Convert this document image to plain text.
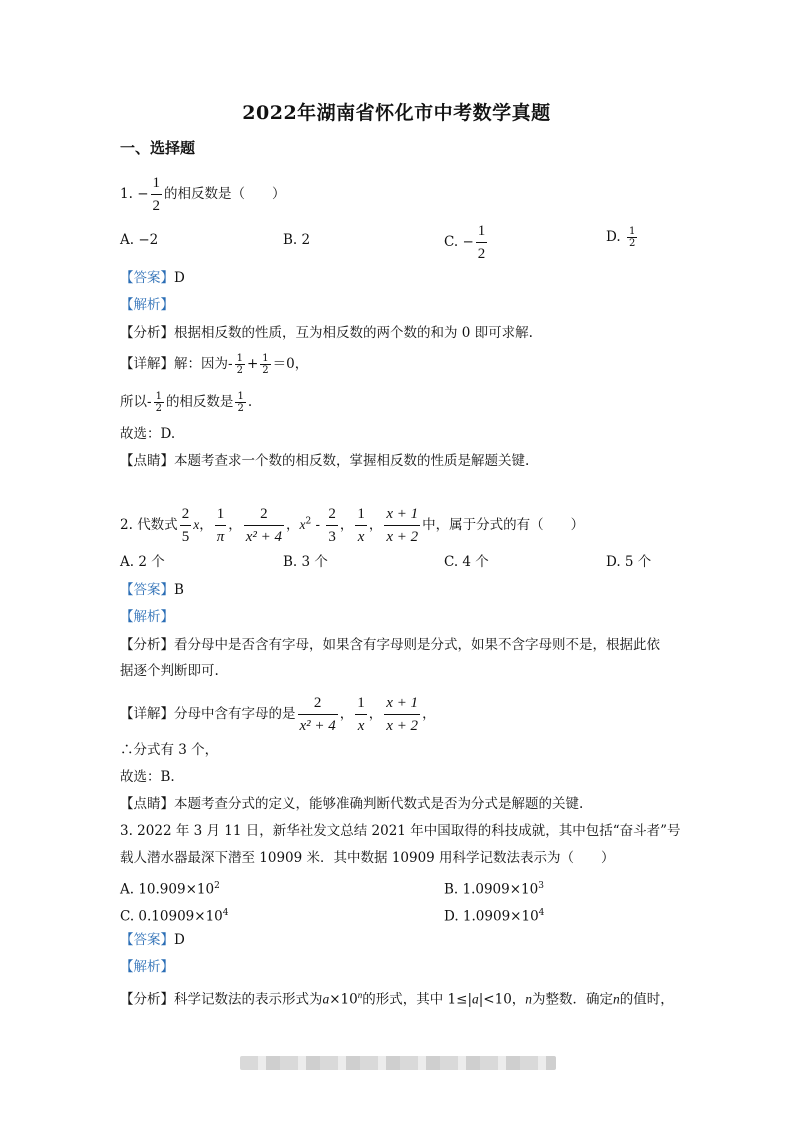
2022年湖南省怀化市中考数学真题
一、选择题
1. − $\frac{1}{2}$ 的相反数是（　　）
A. −2	B. 2	C. − $\frac{1}{2}$	D. $\frac{1}{2}$
【答案】D
【解析】
【分析】根据相反数的性质，互为相反数的两个数的和为 0 即可求解.
【详解】解：因为- $\frac{1}{2} + \frac{1}{2} =0$，
所以- $\frac{1}{2}$ 的相反数是 $\frac{1}{2}$ .
故选：D.
【点睛】本题考查求一个数的相反数，掌握相反数的性质是解题关键.
2. 代数式 $\frac{2}{5}$ x， $\frac{1}{\pi}$ ， $\frac{2}{\text{x² + 4}}$ ，$x^2 - \frac{2}{3}$ ， $\frac{1}{x}$ ， $\frac{x + 1}{x + 2}$ 中，属于分式的有（　　）
A. 2 个	B. 3 个	C. 4 个	D. 5 个
【答案】B
【解析】
【分析】看分母中是否含有字母，如果含有字母则是分式，如果不含字母则不是，根据此依
据逐个判断即可.
【详解】分母中含有字母的是 $\frac{2}{\text{x² + 4}}$ ， $\frac{1}{x}$ ， $\frac{x + 1}{x + 2}$ ，
∴分式有 3 个，
故选：B.
【点睛】本题考查分式的定义，能够准确判断代数式是否为分式是解题的关键.
3. 2022 年 3 月 11 日，新华社发文总结 2021 年中国取得的科技成就，其中包括“奋斗者”号
载人潜水器最深下潜至 10909 米．其中数据 10909 用科学记数法表示为（　　）
A. $10.909\times 10^2$	B. $1.0909\times 10^3$
C. $0.10909\times 10^4$	D. $1.0909\times 10^4$
【答案】D
【解析】
【分析】科学记数法的表示形式为$a\times 10^n$的形式，其中 1≤|a|<10，n为整数．确定n的值时，
